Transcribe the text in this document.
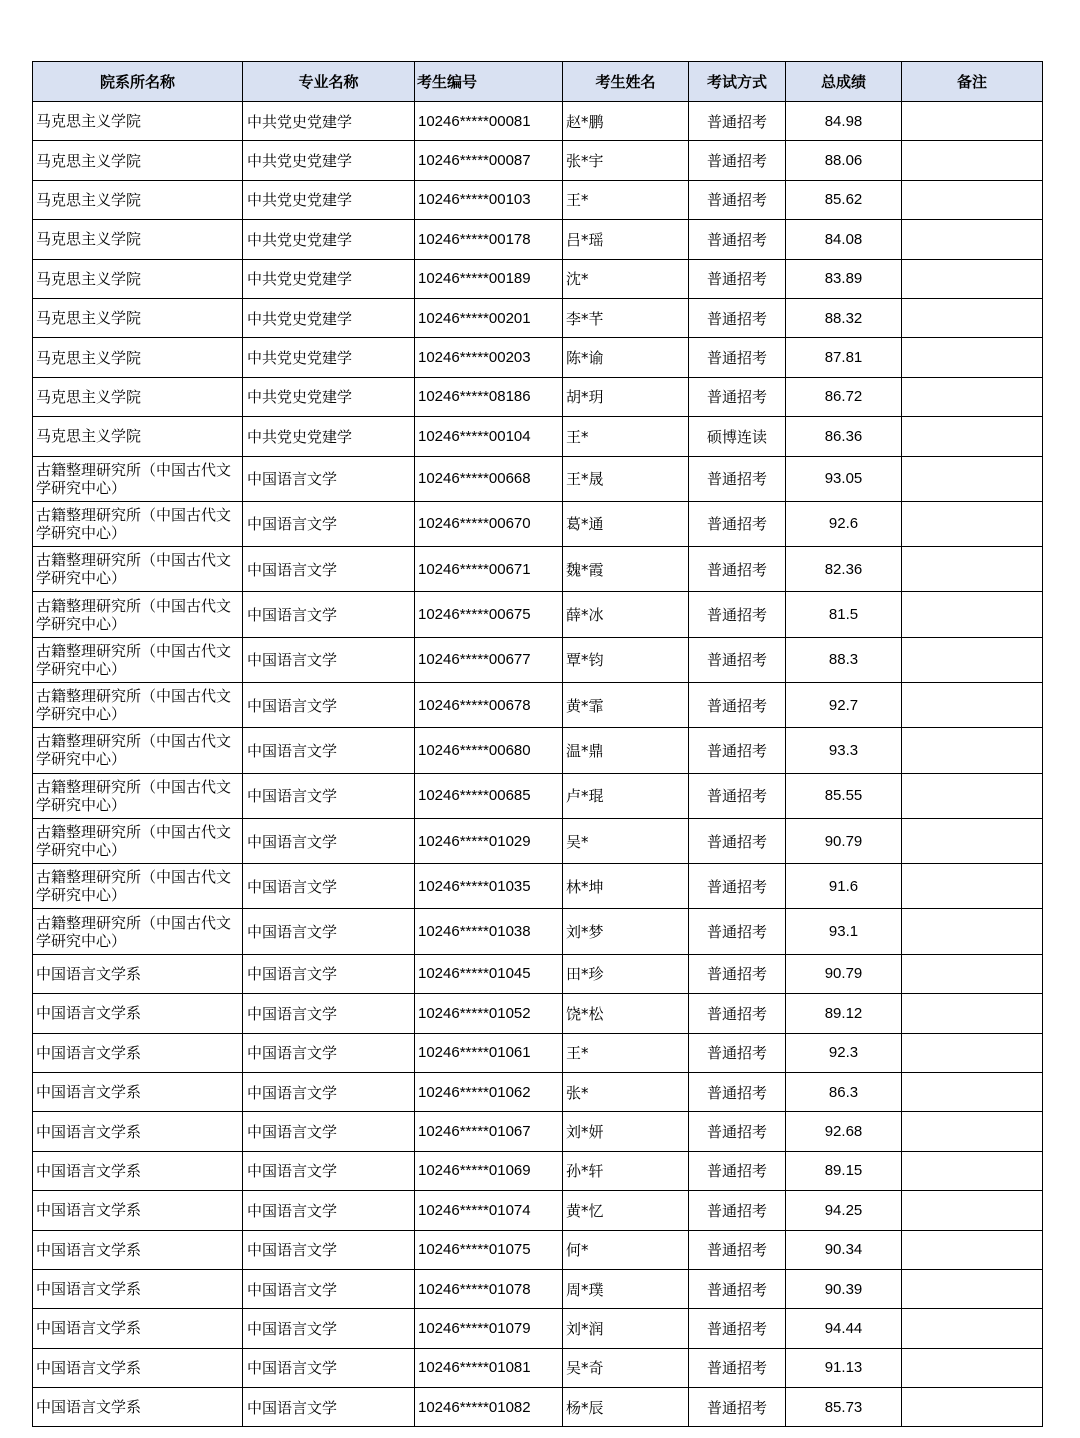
院系所名称	专业名称	考生编号	考生姓名	考试方式	总成绩	备注
马克思主义学院	中共党史党建学	10246*****00081	赵*鹏	普通招考	84.98	
马克思主义学院	中共党史党建学	10246*****00087	张*宇	普通招考	88.06	
马克思主义学院	中共党史党建学	10246*****00103	王*	普通招考	85.62	
马克思主义学院	中共党史党建学	10246*****00178	吕*瑶	普通招考	84.08	
马克思主义学院	中共党史党建学	10246*****00189	沈*	普通招考	83.89	
马克思主义学院	中共党史党建学	10246*****00201	李*芊	普通招考	88.32	
马克思主义学院	中共党史党建学	10246*****00203	陈*谕	普通招考	87.81	
马克思主义学院	中共党史党建学	10246*****08186	胡*玥	普通招考	86.72	
马克思主义学院	中共党史党建学	10246*****00104	王*	硕博连读	86.36	
古籍整理研究所（中国古代文学研究中心）	中国语言文学	10246*****00668	王*晟	普通招考	93.05	
古籍整理研究所（中国古代文学研究中心）	中国语言文学	10246*****00670	葛*通	普通招考	92.6	
古籍整理研究所（中国古代文学研究中心）	中国语言文学	10246*****00671	魏*霞	普通招考	82.36	
古籍整理研究所（中国古代文学研究中心）	中国语言文学	10246*****00675	薛*冰	普通招考	81.5	
古籍整理研究所（中国古代文学研究中心）	中国语言文学	10246*****00677	覃*钧	普通招考	88.3	
古籍整理研究所（中国古代文学研究中心）	中国语言文学	10246*****00678	黄*霏	普通招考	92.7	
古籍整理研究所（中国古代文学研究中心）	中国语言文学	10246*****00680	温*鼎	普通招考	93.3	
古籍整理研究所（中国古代文学研究中心）	中国语言文学	10246*****00685	卢*琨	普通招考	85.55	
古籍整理研究所（中国古代文学研究中心）	中国语言文学	10246*****01029	吴*	普通招考	90.79	
古籍整理研究所（中国古代文学研究中心）	中国语言文学	10246*****01035	林*坤	普通招考	91.6	
古籍整理研究所（中国古代文学研究中心）	中国语言文学	10246*****01038	刘*梦	普通招考	93.1	
中国语言文学系	中国语言文学	10246*****01045	田*珍	普通招考	90.79	
中国语言文学系	中国语言文学	10246*****01052	饶*松	普通招考	89.12	
中国语言文学系	中国语言文学	10246*****01061	王*	普通招考	92.3	
中国语言文学系	中国语言文学	10246*****01062	张*	普通招考	86.3	
中国语言文学系	中国语言文学	10246*****01067	刘*妍	普通招考	92.68	
中国语言文学系	中国语言文学	10246*****01069	孙*轩	普通招考	89.15	
中国语言文学系	中国语言文学	10246*****01074	黄*忆	普通招考	94.25	
中国语言文学系	中国语言文学	10246*****01075	何*	普通招考	90.34	
中国语言文学系	中国语言文学	10246*****01078	周*璞	普通招考	90.39	
中国语言文学系	中国语言文学	10246*****01079	刘*润	普通招考	94.44	
中国语言文学系	中国语言文学	10246*****01081	吴*奇	普通招考	91.13	
中国语言文学系	中国语言文学	10246*****01082	杨*辰	普通招考	85.73	
